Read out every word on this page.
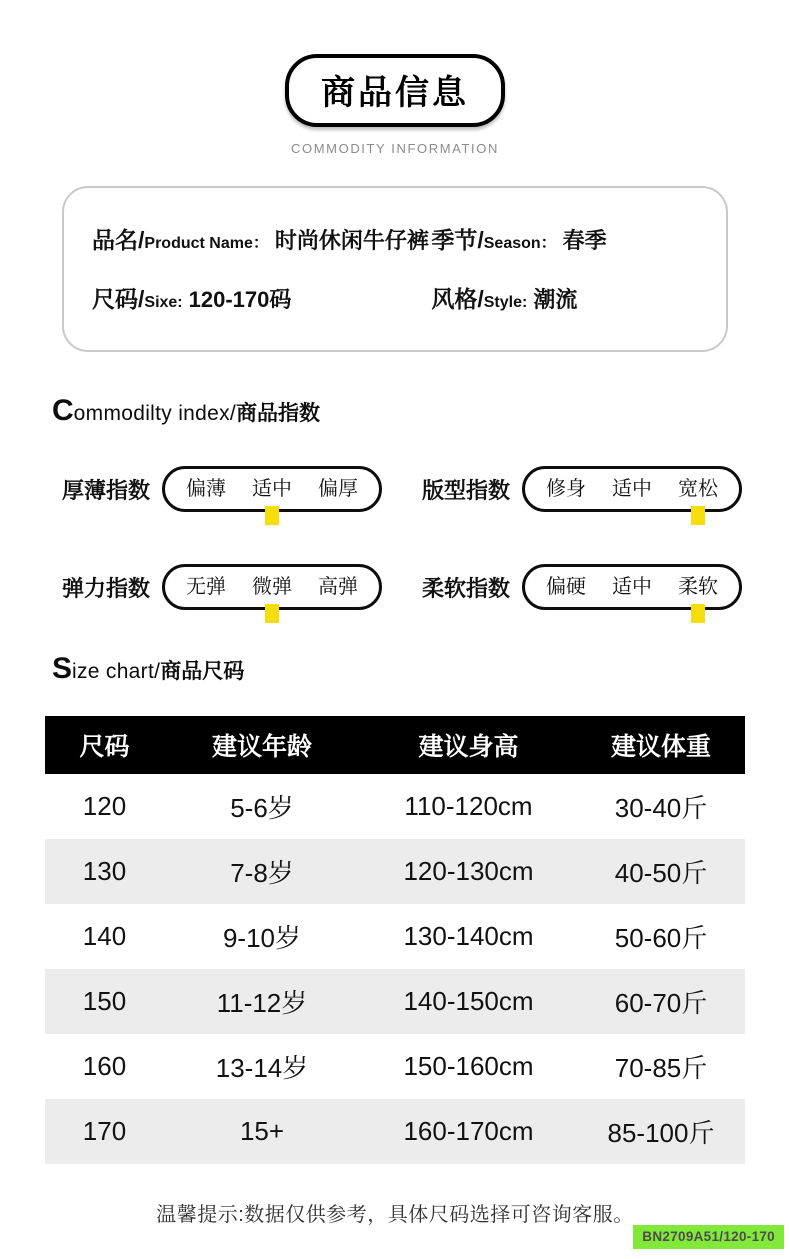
商品信息
COMMODITY INFORMATION
品名/Product Name： 时尚休闲牛仔裤 季节/Season： 春季
尺码/Sixe: 120-170码	风格/Style: 潮流
Commodilty index/商品指数
厚薄指数 偏薄 适中 偏厚	版型指数 修身 适中 宽松
弹力指数 无弹 微弹 高弹	柔软指数 偏硬 适中 柔软
Size chart/商品尺码
尺码	建议年龄	建议身高	建议体重
120	5-6岁	110-120cm	30-40斤
130	7-8岁	120-130cm	40-50斤
140	9-10岁	130-140cm	50-60斤
150	11-12岁	140-150cm	60-70斤
160	13-14岁	150-160cm	70-85斤
170	15+	160-170cm	85-100斤
温馨提示:数据仅供参考，具体尺码选择可咨询客服。
BN2709A51/120-170
